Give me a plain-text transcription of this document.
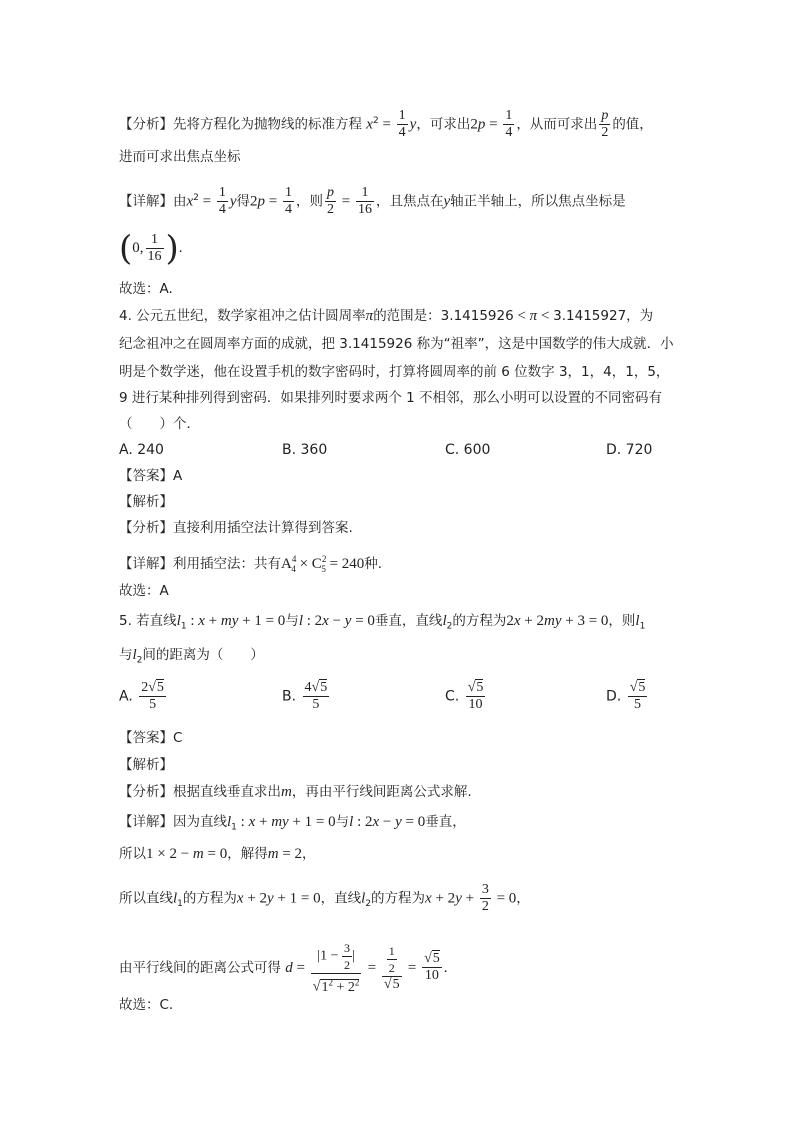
【分析】先将方程化为抛物线的标准方程 $x^2 = \frac{1}{4}$ y，可求出$2p = \frac{1}{4}$ ，从而可求出 $\frac{p}{2}$ 的值，
进而可求出焦点坐标
【详解】由$x^2 = \frac{1}{4}$ y得$2p = \frac{1}{4}$ ，则 $\frac{p}{2} = \frac{1}{16}$ ，且焦点在y轴正半轴上，所以焦点坐标是
(0, $\frac{1}{16}$ ).
故选：A.
4. 公元五世纪，数学家祖冲之估计圆周率π的范围是：3.1415926 < π < 3.1415927，为
纪念祖冲之在圆周率方面的成就，把 3.1415926 称为“祖率”，这是中国数学的伟大成就．小
明是个数学迷，他在设置手机的数字密码时，打算将圆周率的前 6 位数字 3，1，4，1，5，
9 进行某种排列得到密码．如果排列时要求两个 1 不相邻，那么小明可以设置的不同密码有
（　　）个．
A. 240	B. 360	C. 600	D. 720
【答案】A
【解析】
【分析】直接利用插空法计算得到答案.
【详解】利用插空法：共有$A^4_4 \times C^2_5 = 240$种.
故选：A
5. 若直线$l_1$ : x + my + 1 = 0与l : 2x − y = 0垂直，直线$l_2$的方程为2x + 2my + 3 = 0，则$l_1$
与$l_2$间的距离为（　　）
A. $\frac{2√5}{5}$	B. $\frac{4√5}{5}$	C. $\frac{√5}{10}$	D. $\frac{√5}{5}$
【答案】C
【解析】
【分析】根据直线垂直求出m，再由平行线间距离公式求解.
【详解】因为直线$l_1$ : x + my + 1 = 0与l : 2x − y = 0垂直，
所以1 × 2 − m = 0，解得m = 2，
所以直线$l_1$的方程为x + 2y + 1 = 0，直线$l_2$的方程为$x + 2y + \frac{3}{2} = 0$，
由平行线间的距离公式可得 $d = \frac{|1 - \frac{3}{2} |}{√1^2 + 2^2} = \frac{\frac{1}{2}}{√5} = \frac{√5}{10}$ .
故选：C.
